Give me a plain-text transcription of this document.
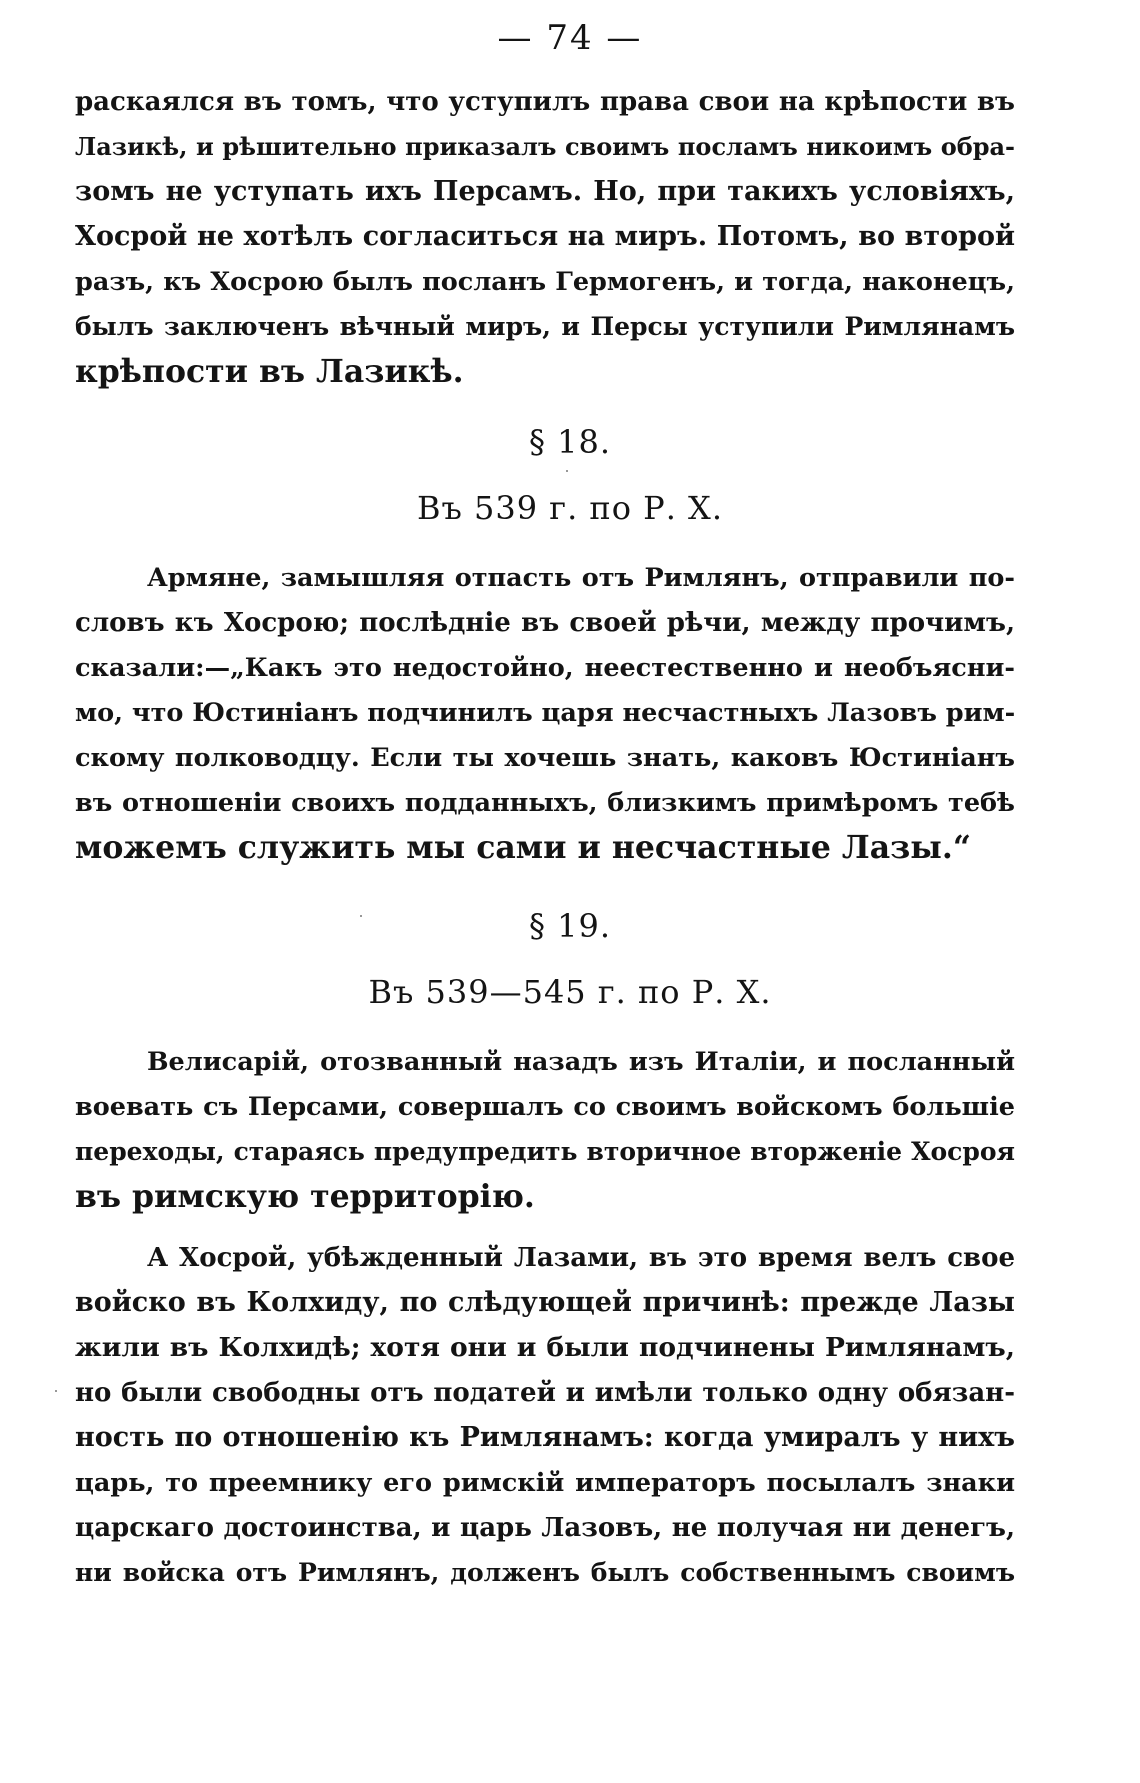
— 74 —
раскаялся въ томъ, что уступилъ права свои на крѣпости въ
Лазикѣ, и рѣшительно приказалъ своимъ посламъ никоимъ обра-
зомъ не уступать ихъ Персамъ. Но, при такихъ условіяхъ,
Хосрой не хотѣлъ согласиться на миръ. Потомъ, во второй
разъ, къ Хосрою былъ посланъ Гермогенъ, и тогда, наконецъ,
былъ заключенъ вѣчный миръ, и Персы уступили Римлянамъ
крѣпости въ Лазикѣ.
§ 18.
Въ 539 г. по Р. Х.
Армяне, замышляя отпасть отъ Римлянъ, отправили по-
словъ къ Хосрою; послѣдніе въ своей рѣчи, между прочимъ,
сказали:—„Какъ это недостойно, неестественно и необъясни-
мо, что Юстиніанъ подчинилъ царя несчастныхъ Лазовъ рим-
скому полководцу. Если ты хочешь знать, каковъ Юстиніанъ
въ отношеніи своихъ подданныхъ, близкимъ примѣромъ тебѣ
можемъ служить мы сами и несчастные Лазы.“
§ 19.
Въ 539—545 г. по Р. Х.
Велисарій, отозванный назадъ изъ Италіи, и посланный
воевать съ Персами, совершалъ со своимъ войскомъ большіе
переходы, стараясь предупредить вторичное вторженіе Хосроя
въ римскую территорію.
А Хосрой, убѣжденный Лазами, въ это время велъ свое
войско въ Колхиду, по слѣдующей причинѣ: прежде Лазы
жили въ Колхидѣ; хотя они и были подчинены Римлянамъ,
но были свободны отъ податей и имѣли только одну обязан-
ность по отношенію къ Римлянамъ: когда умиралъ у нихъ
царь, то преемнику его римскій императоръ посылалъ знаки
царскаго достоинства, и царь Лазовъ, не получая ни денегъ,
ни войска отъ Римлянъ, долженъ былъ собственнымъ своимъ
